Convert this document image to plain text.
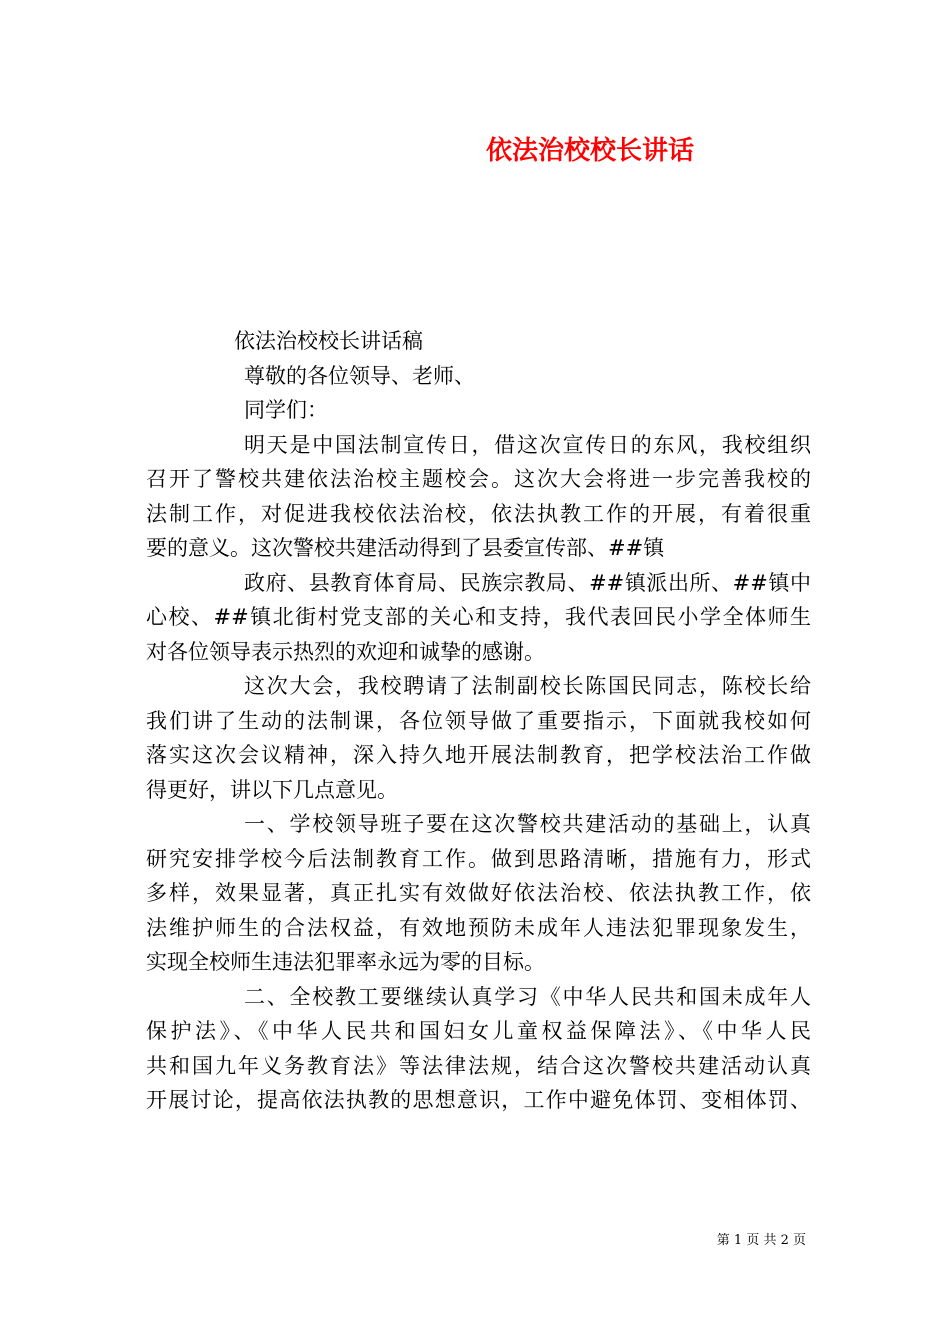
依法治校校长讲话
依法治校校长讲话稿
尊敬的各位领导、老师、
同学们：
明天是中国法制宣传日，借这次宣传日的东风，我校组织
召开了警校共建依法治校主题校会。这次大会将进一步完善我校的
法制工作，对促进我校依法治校，依法执教工作的开展，有着很重
要的意义。这次警校共建活动得到了县委宣传部、##镇
政府、县教育体育局、民族宗教局、##镇派出所、##镇中
心校、##镇北街村党支部的关心和支持，我代表回民小学全体师生
对各位领导表示热烈的欢迎和诚挚的感谢。
这次大会，我校聘请了法制副校长陈国民同志，陈校长给
我们讲了生动的法制课，各位领导做了重要指示，下面就我校如何
落实这次会议精神，深入持久地开展法制教育，把学校法治工作做
得更好，讲以下几点意见。
一、学校领导班子要在这次警校共建活动的基础上，认真
研究安排学校今后法制教育工作。做到思路清晰，措施有力，形式
多样，效果显著，真正扎实有效做好依法治校、依法执教工作，依
法维护师生的合法权益，有效地预防未成年人违法犯罪现象发生，
实现全校师生违法犯罪率永远为零的目标。
二、全校教工要继续认真学习《中华人民共和国未成年人
保护法》、《中华人民共和国妇女儿童权益保障法》、《中华人民
共和国九年义务教育法》等法律法规，结合这次警校共建活动认真
开展讨论，提高依法执教的思想意识，工作中避免体罚、变相体罚、
第 1 页 共 2 页
